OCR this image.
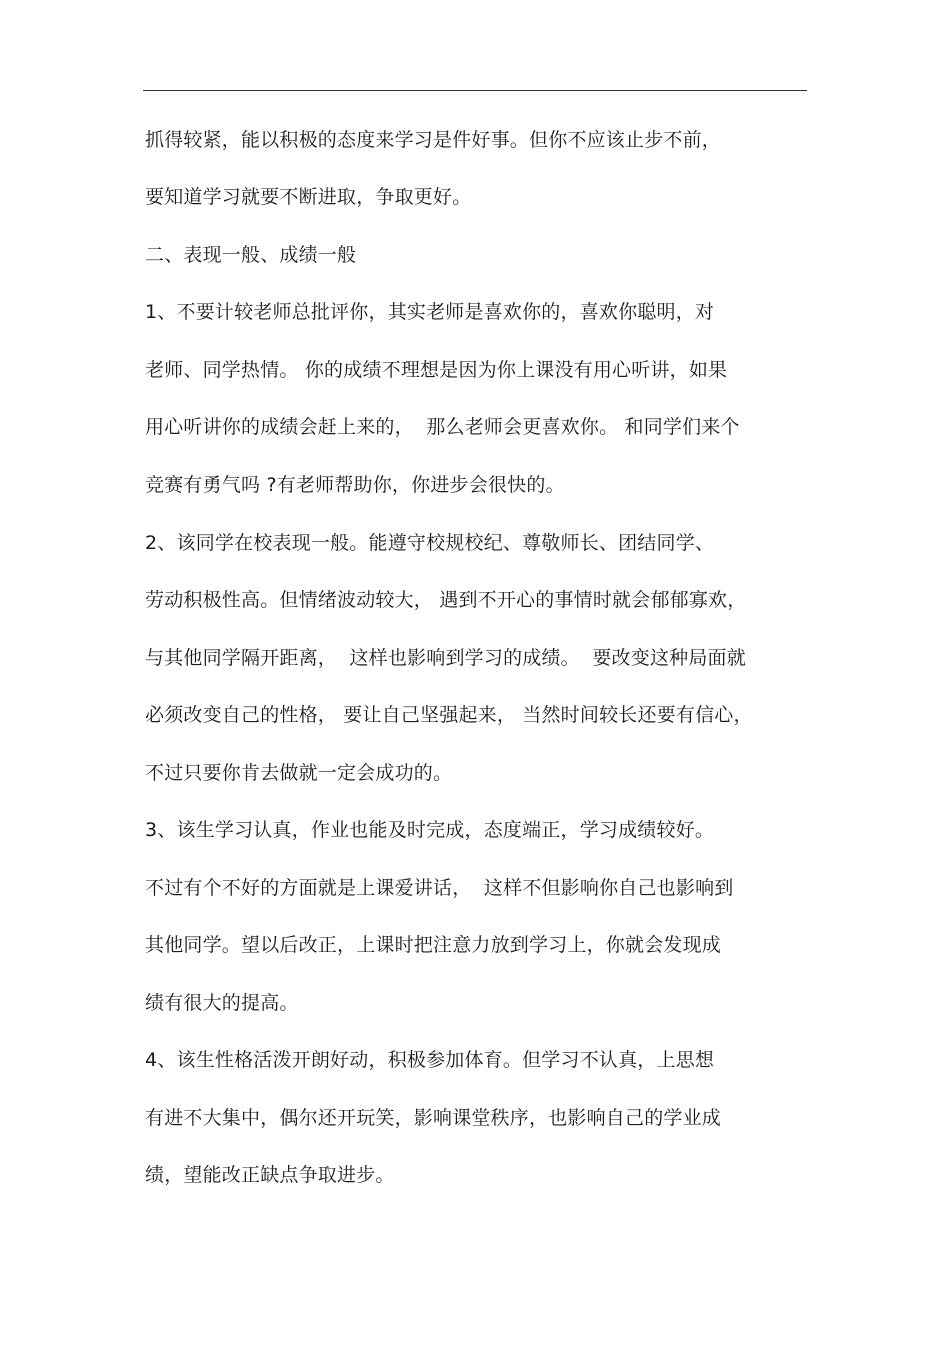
抓得较紧，能以积极的态度来学习是件好事。但你不应该止步不前，

要知道学习就要不断进取，争取更好。

二、表现一般、成绩一般

1、不要计较老师总批评你，其实老师是喜欢你的，喜欢你聪明，对

老师、同学热情。 你的成绩不理想是因为你上课没有用心听讲，如果

用心听讲你的成绩会赶上来的，  那么老师会更喜欢你。 和同学们来个

竞赛有勇气吗 ?有老师帮助你，你进步会很快的。

2、该同学在校表现一般。能遵守校规校纪、尊敬师长、团结同学、

劳动积极性高。但情绪波动较大， 遇到不开心的事情时就会郁郁寡欢，

与其他同学隔开距离，  这样也影响到学习的成绩。  要改变这种局面就

必须改变自己的性格， 要让自己坚强起来， 当然时间较长还要有信心，

不过只要你肯去做就一定会成功的。

3、该生学习认真，作业也能及时完成，态度端正，学习成绩较好。

不过有个不好的方面就是上课爱讲话，  这样不但影响你自己也影响到

其他同学。望以后改正，上课时把注意力放到学习上，你就会发现成

绩有很大的提高。

4、该生性格活泼开朗好动，积极参加体育。但学习不认真，上思想

有进不大集中，偶尔还开玩笑，影响课堂秩序，也影响自己的学业成

绩，望能改正缺点争取进步。
